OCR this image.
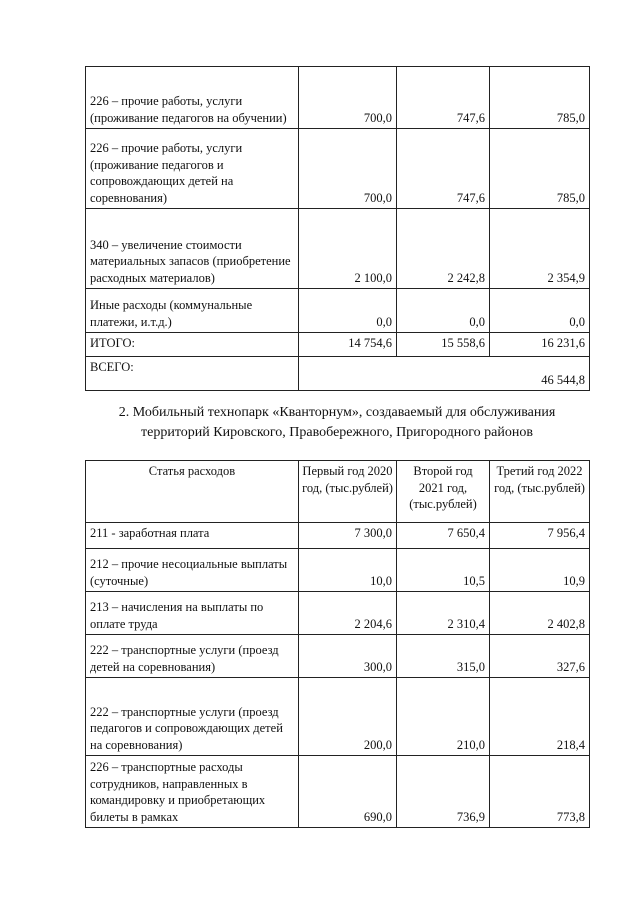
226 – прочие работы, услуги (проживание педагогов на обучении)	700,0	747,6	785,0
226 – прочие работы, услуги (проживание педагогов и сопровождающих детей на соревнования)	700,0	747,6	785,0
340 – увеличение стоимости материальных запасов (приобретение расходных материалов)	2 100,0	2 242,8	2 354,9
Иные расходы (коммунальные платежи, и.т.д.)	0,0	0,0	0,0
ИТОГО:	14 754,6	15 558,6	16 231,6
ВСЕГО:	46 544,8		
2. Мобильный технопарк «Кванторнум», создаваемый для обслуживания территорий Кировского, Правобережного, Пригородного районов
Статья расходов	Первый год 2020 год, (тыс.рублей)	Второй год 2021 год, (тыс.рублей)	Третий год 2022 год, (тыс.рублей)
211 - заработная плата	7 300,0	7 650,4	7 956,4
212 – прочие несоциальные выплаты (суточные)	10,0	10,5	10,9
213 – начисления на выплаты по оплате труда	2 204,6	2 310,4	2 402,8
222 – транспортные услуги (проезд детей на соревнования)	300,0	315,0	327,6
222 – транспортные услуги (проезд педагогов и сопровождающих детей на соревнования)	200,0	210,0	218,4
226 – транспортные расходы сотрудников, направленных в командировку и приобретающих билеты в рамках	690,0	736,9	773,8
